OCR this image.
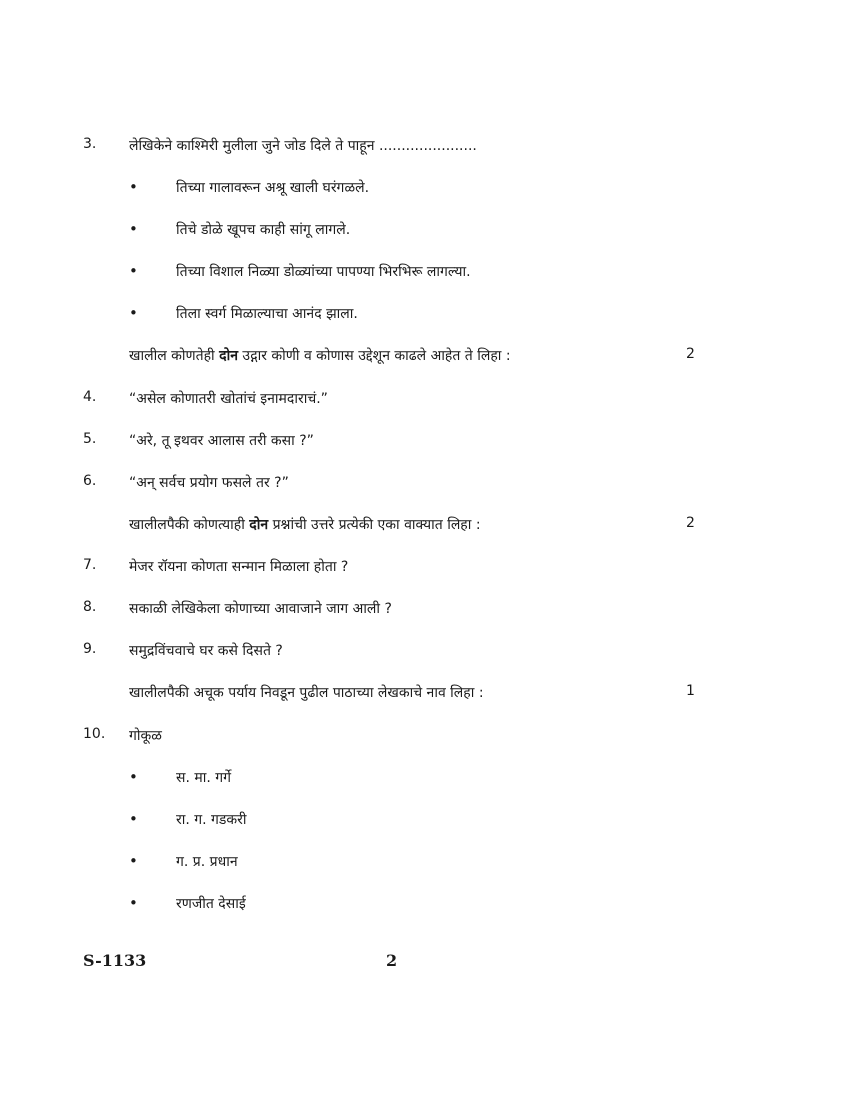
3. लेखिकेने काश्मिरी मुलीला जुने जोड दिले ते पाहून ......................
•	तिच्या गालावरून अश्रू खाली घरंगळले.
•	तिचे डोळे खूपच काही सांगू लागले.
•	तिच्या विशाल निळ्या डोळ्यांच्या पापण्या भिरभिरू लागल्या.
•	तिला स्वर्ग मिळाल्याचा आनंद झाला.
खालील कोणतेही दोन उद्गार कोणी व कोणास उद्देशून काढले आहेत ते लिहा :	2
4. “असेल कोणातरी खोतांचं इनामदाराचं.”
5. “अरे, तू इथवर आलास तरी कसा ?”
6. “अन् सर्वच प्रयोग फसले तर ?”
खालीलपैकी कोणत्याही दोन प्रश्नांची उत्तरे प्रत्येकी एका वाक्यात लिहा :	2
7. मेजर रॉयना कोणता सन्मान मिळाला होता ?
8. सकाळी लेखिकेला कोणाच्या आवाजाने जाग आली ?
9. समुद्रविंचवाचे घर कसे दिसते ?
खालीलपैकी अचूक पर्याय निवडून पुढील पाठाच्या लेखकाचे नाव लिहा :	1
10. गोकूळ
•	स. मा. गर्गे
•	रा. ग. गडकरी
•	ग. प्र. प्रधान
•	रणजीत देसाई
S-1133	2
